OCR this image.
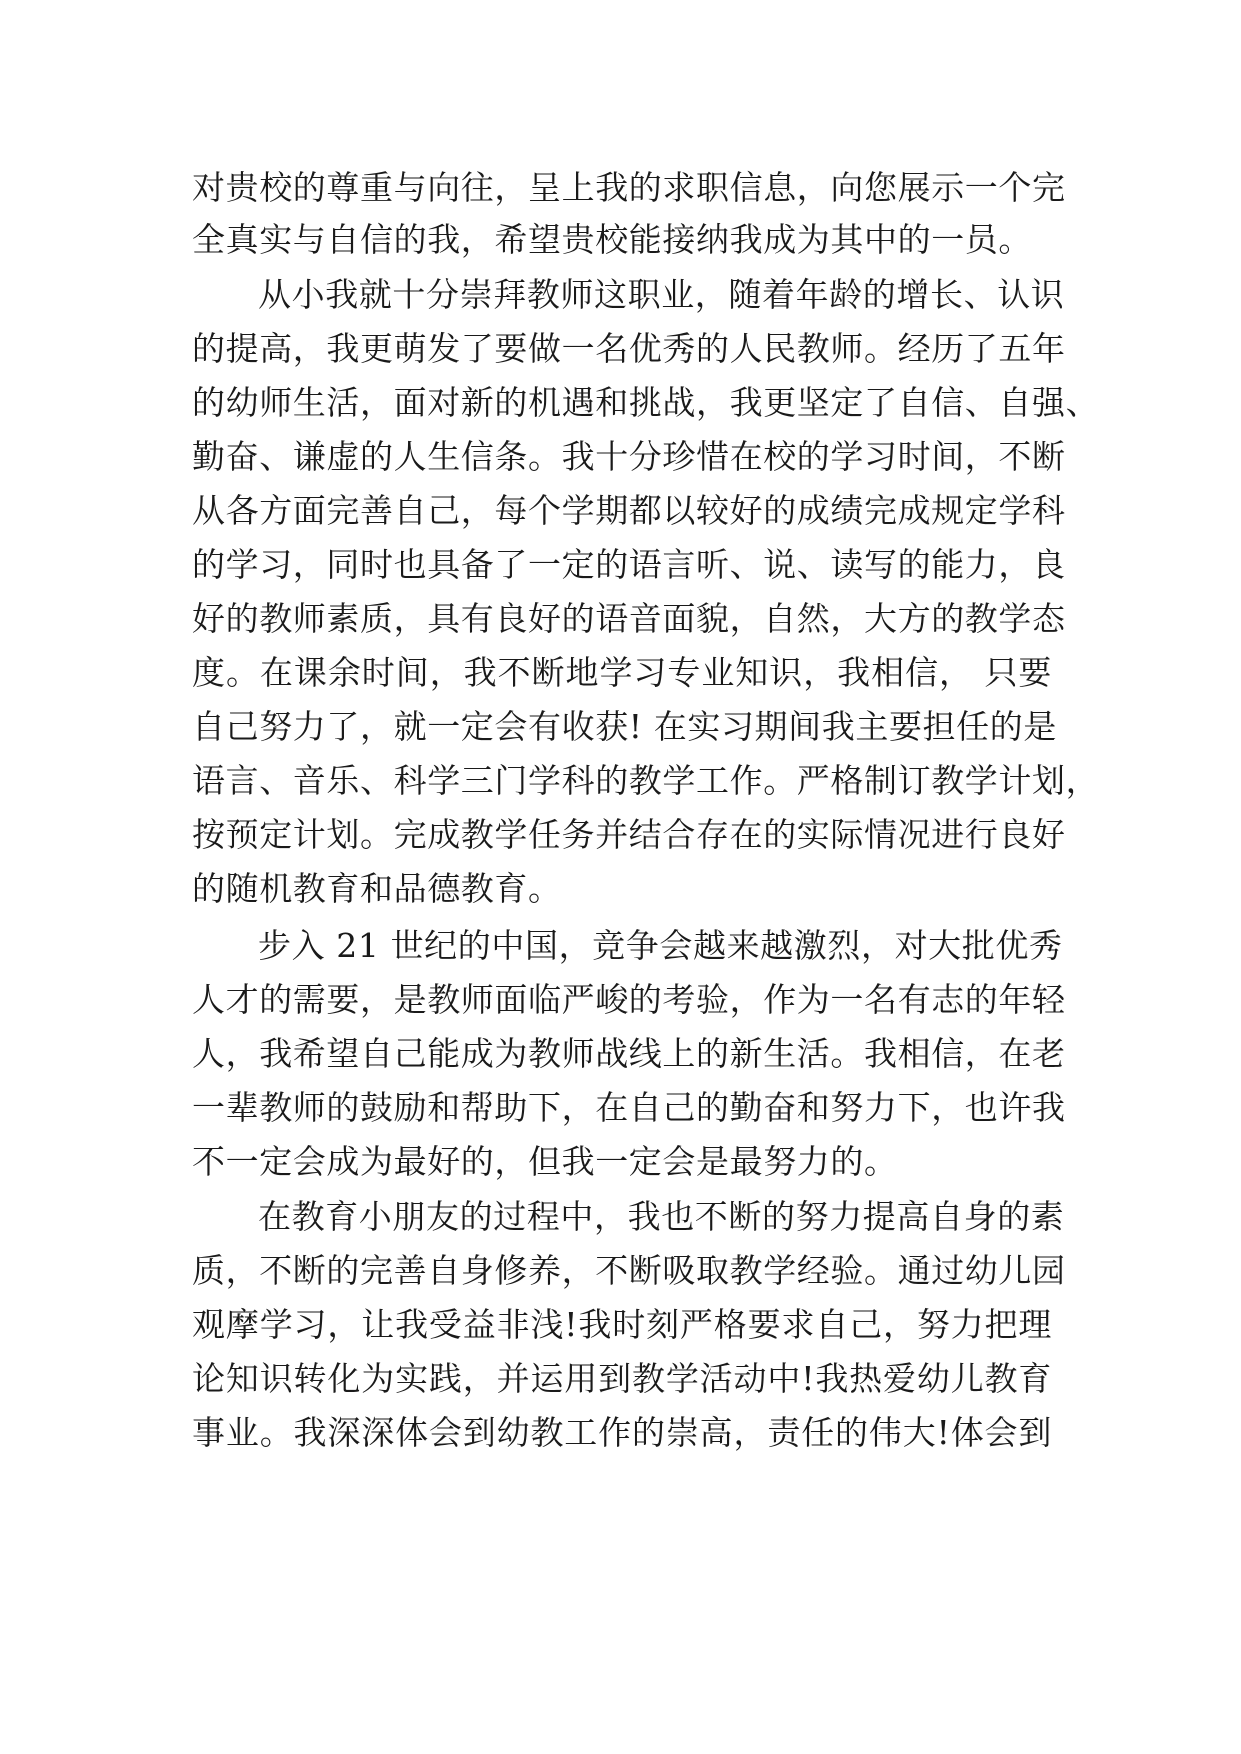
对贵校的尊重与向往，呈上我的求职信息，向您展示一个完
全真实与自信的我，希望贵校能接纳我成为其中的一员。
从小我就十分崇拜教师这职业，随着年龄的增长、认识
的提高，我更萌发了要做一名优秀的人民教师。经历了五年
的幼师生活，面对新的机遇和挑战，我更坚定了自信、自强、
勤奋、谦虚的人生信条。我十分珍惜在校的学习时间，不断
从各方面完善自己，每个学期都以较好的成绩完成规定学科
的学习，同时也具备了一定的语言听、说、读写的能力，良
好的教师素质，具有良好的语音面貌，自然，大方的教学态
度。在课余时间，我不断地学习专业知识，我相信， 只要
自己努力了，就一定会有收获! 在实习期间我主要担任的是
语言、音乐、科学三门学科的教学工作。严格制订教学计划，
按预定计划。完成教学任务并结合存在的实际情况进行良好
的随机教育和品德教育。
步入 21 世纪的中国，竞争会越来越激烈，对大批优秀
人才的需要，是教师面临严峻的考验，作为一名有志的年轻
人，我希望自己能成为教师战线上的新生活。我相信，在老
一辈教师的鼓励和帮助下，在自己的勤奋和努力下，也许我
不一定会成为最好的，但我一定会是最努力的。
在教育小朋友的过程中，我也不断的努力提高自身的素
质，不断的完善自身修养，不断吸取教学经验。通过幼儿园
观摩学习，让我受益非浅!我时刻严格要求自己，努力把理
论知识转化为实践，并运用到教学活动中!我热爱幼儿教育
事业。我深深体会到幼教工作的崇高，责任的伟大!体会到
